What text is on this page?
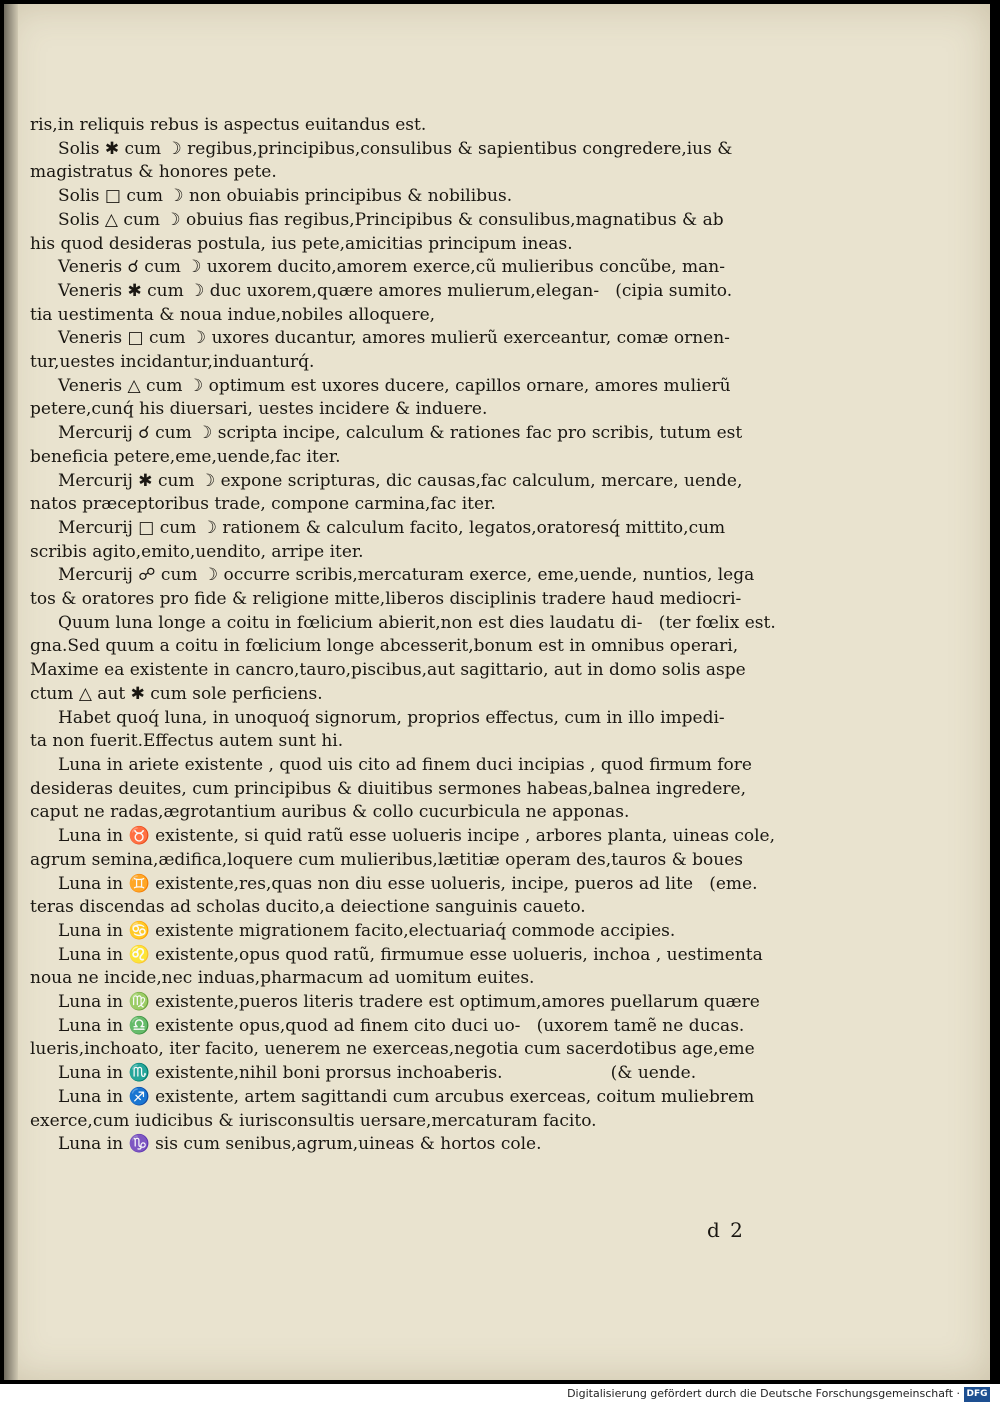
ris,in reliquis rebus is aspectus euitandus est.
Solis ✱ cum ☽ regibus,principibus,consulibus & sapientibus congredere,ius &
magistratus & honores pete.
Solis □ cum ☽ non obuiabis principibus & nobilibus.
Solis △ cum ☽ obuius fias regibus,Principibus & consulibus,magnatibus & ab
his quod desideras postula, ius pete,amicitias principum ineas.
Veneris ☌ cum ☽ uxorem ducito,amorem exerce,cũ mulieribus concũbe, man-
Veneris ✱ cum ☽ duc uxorem,quære amores mulierum,elegan-   (cipia sumito.
tia uestimenta & noua indue,nobiles alloquere,
Veneris □ cum ☽ uxores ducantur, amores mulierũ exerceantur, comæ ornen-
tur,uestes incidantur,induanturq́.
Veneris △ cum ☽ optimum est uxores ducere, capillos ornare, amores mulierũ
petere,cunq́ his diuersari, uestes incidere & induere.
Mercurij ☌ cum ☽ scripta incipe, calculum & rationes fac pro scribis, tutum est
beneficia petere,eme,uende,fac iter.
Mercurij ✱ cum ☽ expone scripturas, dic causas,fac calculum, mercare, uende,
natos præceptoribus trade, compone carmina,fac iter.
Mercurij □ cum ☽ rationem & calculum facito, legatos,oratoresq́ mittito,cum
scribis agito,emito,uendito, arripe iter.
Mercurij ☍ cum ☽ occurre scribis,mercaturam exerce, eme,uende, nuntios, lega
tos & oratores pro fide & religione mitte,liberos disciplinis tradere haud mediocri-
Quum luna longe a coitu in fœlicium abierit,non est dies laudatu di-   (ter fœlix est.
gna.Sed quum a coitu in fœlicium longe abcesserit,bonum est in omnibus operari,
Maxime ea existente in cancro,tauro,piscibus,aut sagittario, aut in domo solis aspe
ctum △ aut ✱ cum sole perficiens.
Habet quoq́ luna, in unoquoq́ signorum, proprios effectus, cum in illo impedi-
ta non fuerit.Effectus autem sunt hi.
Luna in ariete existente , quod uis cito ad finem duci incipias , quod firmum fore
desideras deuites, cum principibus & diuitibus sermones habeas,balnea ingredere,
caput ne radas,ægrotantium auribus & collo cucurbicula ne apponas.
Luna in ♉ existente, si quid ratũ esse uolueris incipe , arbores planta, uineas cole,
agrum semina,ædifica,loquere cum mulieribus,lætitiæ operam des,tauros & boues
Luna in ♊ existente,res,quas non diu esse uolueris, incipe, pueros ad lite   (eme.
teras discendas ad scholas ducito,a deiectione sanguinis caueto.
Luna in ♋ existente migrationem facito,electuariaq́ commode accipies.
Luna in ♌ existente,opus quod ratũ, firmumue esse uolueris, inchoa , uestimenta
noua ne incide,nec induas,pharmacum ad uomitum euites.
Luna in ♍ existente,pueros literis tradere est optimum,amores puellarum quære
Luna in ♎ existente opus,quod ad finem cito duci uo-   (uxorem tamẽ ne ducas.
lueris,inchoato, iter facito, uenerem ne exerceas,negotia cum sacerdotibus age,eme
Luna in ♏ existente,nihil boni prorsus inchoaberis.                    (& uende.
Luna in ♐ existente, artem sagittandi cum arcubus exerceas, coitum muliebrem
exerce,cum iudicibus & iurisconsultis uersare,mercaturam facito.
Luna in ♑ sis cum senibus,agrum,uineas & hortos cole.
d 2
Digitalisierung gefördert durch die Deutsche Forschungsgemeinschaft · DFG
